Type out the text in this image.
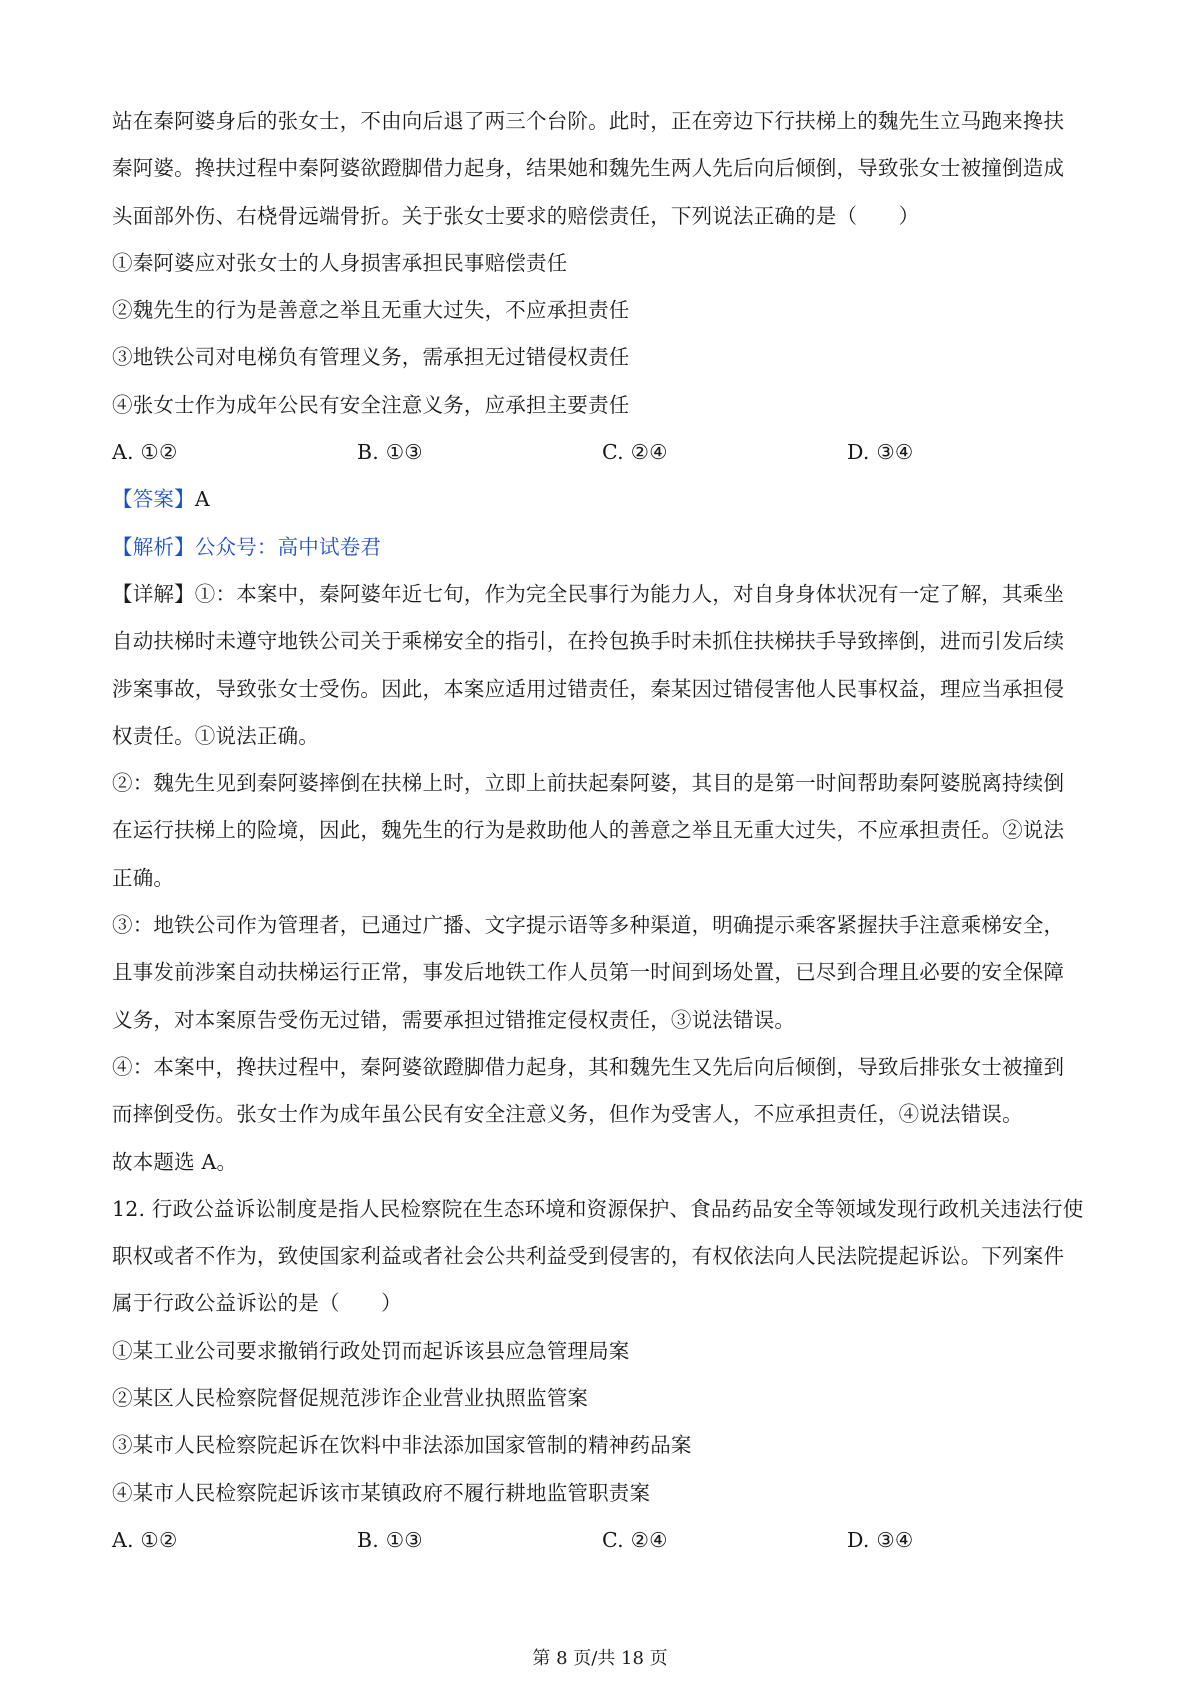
站在秦阿婆身后的张女士，不由向后退了两三个台阶。此时，正在旁边下行扶梯上的魏先生立马跑来搀扶
秦阿婆。搀扶过程中秦阿婆欲蹬脚借力起身，结果她和魏先生两人先后向后倾倒，导致张女士被撞倒造成
头面部外伤、右桡骨远端骨折。关于张女士要求的赔偿责任，下列说法正确的是（　　）
①秦阿婆应对张女士的人身损害承担民事赔偿责任
②魏先生的行为是善意之举且无重大过失，不应承担责任
③地铁公司对电梯负有管理义务，需承担无过错侵权责任
④张女士作为成年公民有安全注意义务，应承担主要责任
A. ①②	B. ①③	C. ②④	D. ③④
【答案】A
【解析】公众号：高中试卷君
【详解】①：本案中，秦阿婆年近七旬，作为完全民事行为能力人，对自身身体状况有一定了解，其乘坐
自动扶梯时未遵守地铁公司关于乘梯安全的指引，在拎包换手时未抓住扶梯扶手导致摔倒，进而引发后续
涉案事故，导致张女士受伤。因此，本案应适用过错责任，秦某因过错侵害他人民事权益，理应当承担侵
权责任。①说法正确。
②：魏先生见到秦阿婆摔倒在扶梯上时，立即上前扶起秦阿婆，其目的是第一时间帮助秦阿婆脱离持续倒
在运行扶梯上的险境，因此，魏先生的行为是救助他人的善意之举且无重大过失，不应承担责任。②说法
正确。
③：地铁公司作为管理者，已通过广播、文字提示语等多种渠道，明确提示乘客紧握扶手注意乘梯安全，
且事发前涉案自动扶梯运行正常，事发后地铁工作人员第一时间到场处置，已尽到合理且必要的安全保障
义务，对本案原告受伤无过错，需要承担过错推定侵权责任，③说法错误。
④：本案中，搀扶过程中，秦阿婆欲蹬脚借力起身，其和魏先生又先后向后倾倒，导致后排张女士被撞到
而摔倒受伤。张女士作为成年虽公民有安全注意义务，但作为受害人，不应承担责任，④说法错误。
故本题选 A。
12. 行政公益诉讼制度是指人民检察院在生态环境和资源保护、食品药品安全等领域发现行政机关违法行使
职权或者不作为，致使国家利益或者社会公共利益受到侵害的，有权依法向人民法院提起诉讼。下列案件
属于行政公益诉讼的是（　　）
①某工业公司要求撤销行政处罚而起诉该县应急管理局案
②某区人民检察院督促规范涉诈企业营业执照监管案
③某市人民检察院起诉在饮料中非法添加国家管制的精神药品案
④某市人民检察院起诉该市某镇政府不履行耕地监管职责案
A. ①②	B. ①③	C. ②④	D. ③④
第 8 页/共 18 页
